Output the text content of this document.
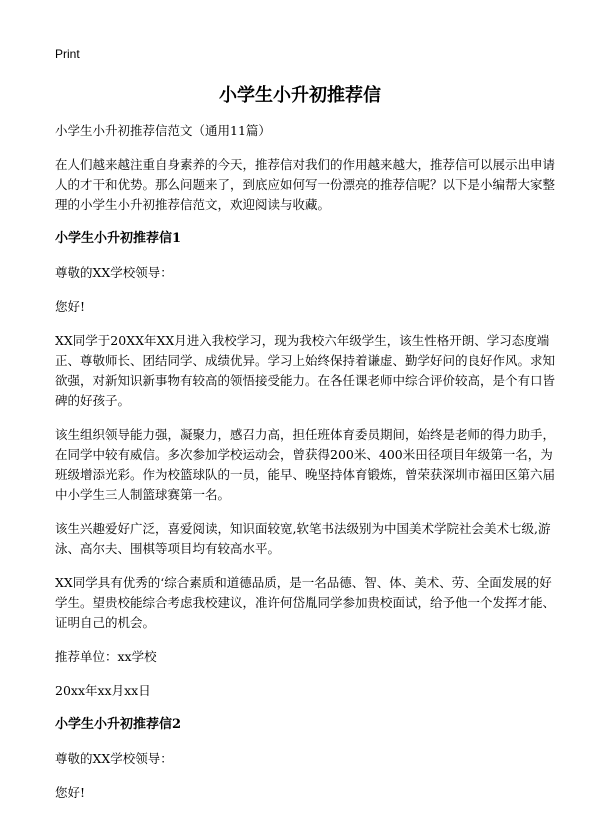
Print
小学生小升初推荐信

小学生小升初推荐信范文（通用11篇）

在人们越来越注重自身素养的今天，推荐信对我们的作用越来越大，推荐信可以展示出申请人的才干和优势。那么问题来了，到底应如何写一份漂亮的推荐信呢？以下是小编帮大家整理的小学生小升初推荐信范文，欢迎阅读与收藏。

小学生小升初推荐信1

尊敬的XX学校领导：

您好!

XX同学于20XX年XX月进入我校学习，现为我校六年级学生，该生性格开朗、学习态度端正、尊敬师长、团结同学、成绩优异。学习上始终保持着谦虚、勤学好问的良好作风。求知欲强，对新知识新事物有较高的领悟接受能力。在各任课老师中综合评价较高，是个有口皆碑的好孩子。

该生组织领导能力强，凝聚力，感召力高，担任班体育委员期间，始终是老师的得力助手，在同学中较有威信。多次参加学校运动会，曾获得200米、400米田径项目年级第一名，为班级增添光彩。作为校篮球队的一员，能早、晚坚持体育锻炼，曾荣获深圳市福田区第六届中小学生三人制篮球赛第一名。

该生兴趣爱好广泛，喜爱阅读，知识面较宽,软笔书法级别为中国美术学院社会美术七级,游泳、高尔夫、围棋等项目均有较高水平。

XX同学具有优秀的‘综合素质和道德品质，是一名品德、智、体、美术、劳、全面发展的好学生。望贵校能综合考虑我校建议，准许何岱胤同学参加贵校面试，给予他一个发挥才能、证明自己的机会。

推荐单位：xx学校

20xx年xx月xx日

小学生小升初推荐信2

尊敬的XX学校领导：

您好!
